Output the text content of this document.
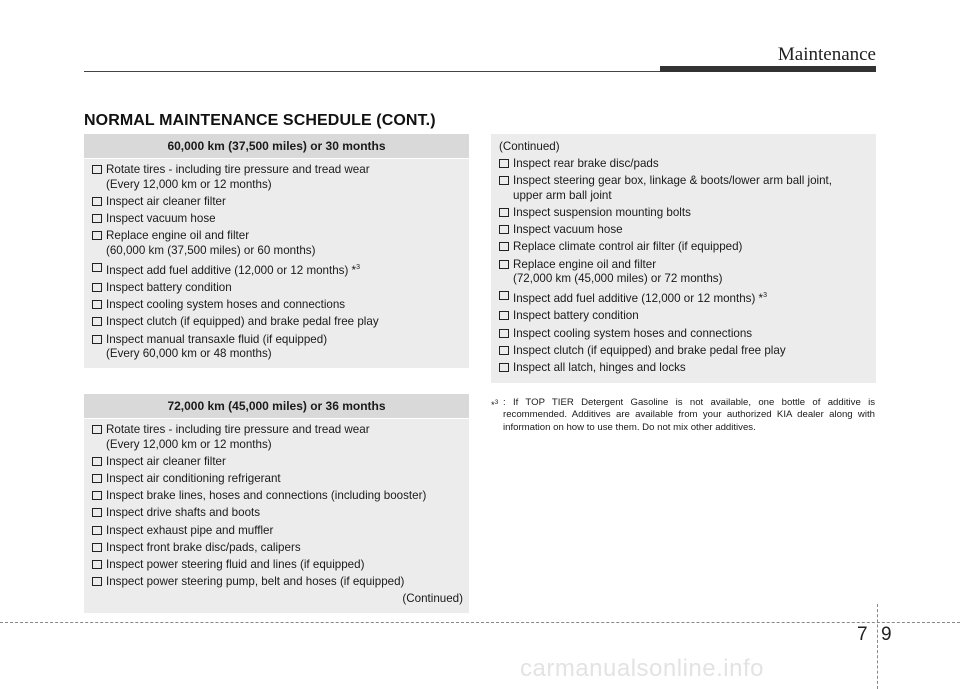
Maintenance
NORMAL MAINTENANCE SCHEDULE (CONT.)
60,000 km (37,500 miles) or 30 months
Rotate tires - including tire pressure and tread wear
(Every 12,000 km or 12 months)
Inspect air cleaner filter
Inspect vacuum hose
Replace engine oil and filter
(60,000 km (37,500 miles) or 60 months)
Inspect add fuel additive (12,000 or 12 months) *$^3$
Inspect battery condition
Inspect cooling system hoses and connections
Inspect clutch (if equipped) and brake pedal free play
Inspect manual transaxle fluid (if equipped)
(Every 60,000 km or 48 months)
72,000 km (45,000 miles) or 36 months
Rotate tires - including tire pressure and tread wear
(Every 12,000 km or 12 months)
Inspect air cleaner filter
Inspect air conditioning refrigerant
Inspect brake lines, hoses and connections (including booster)
Inspect drive shafts and boots
Inspect exhaust pipe and muffler
Inspect front brake disc/pads, calipers
Inspect power steering fluid and lines (if equipped)
Inspect power steering pump, belt and hoses (if equipped)
(Continued)
(Continued)
Inspect rear brake disc/pads
Inspect steering gear box, linkage & boots/lower arm ball joint,
upper arm ball joint
Inspect suspension mounting bolts
Inspect vacuum hose
Replace climate control air filter (if equipped)
Replace engine oil and filter
(72,000 km (45,000 miles) or 72 months)
Inspect add fuel additive (12,000 or 12 months) *$^3$
Inspect battery condition
Inspect cooling system hoses and connections
Inspect clutch (if equipped) and brake pedal free play
Inspect all latch, hinges and locks
*$^3$ : If TOP TIER Detergent Gasoline is not available, one bottle of additive is recommended. Additives are available from your authorized KIA dealer along with information on how to use them. Do not mix other additives.
7 9
carmanualsonline.info
